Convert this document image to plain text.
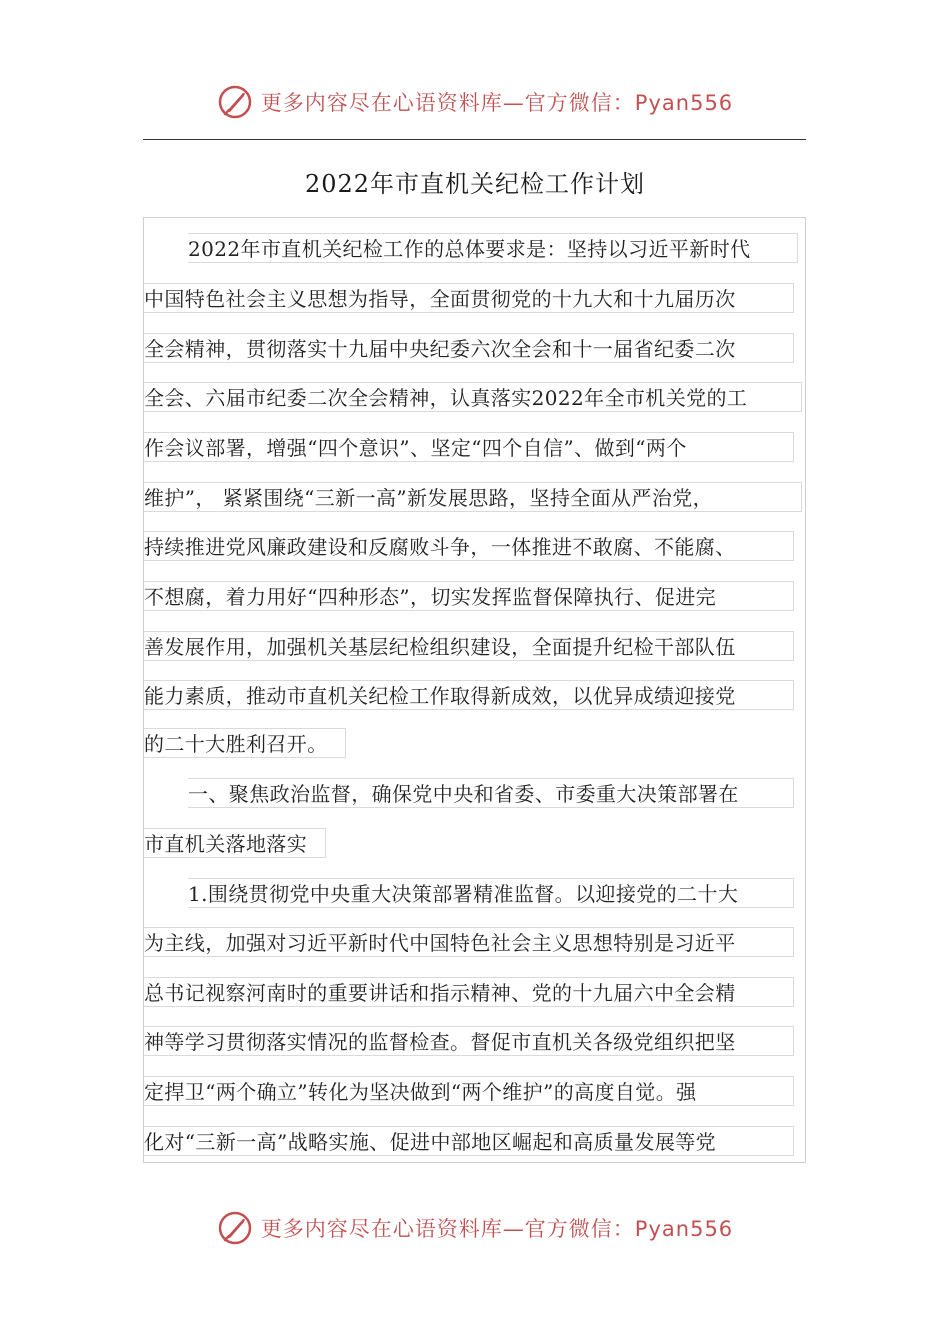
更多内容尽在心语资料库—官方微信：Pyan556
2022年市直机关纪检工作计划
2022年市直机关纪检工作的总体要求是：坚持以习近平新时代
中国特色社会主义思想为指导，全面贯彻党的十九大和十九届历次
全会精神，贯彻落实十九届中央纪委六次全会和十一届省纪委二次
全会、六届市纪委二次全会精神，认真落实2022年全市机关党的工
作会议部署，增强“四个意识”、坚定“四个自信”、做到“两个
维护”， 紧紧围绕“三新一高”新发展思路，坚持全面从严治党，
持续推进党风廉政建设和反腐败斗争，一体推进不敢腐、不能腐、
不想腐，着力用好“四种形态”，切实发挥监督保障执行、促进完
善发展作用，加强机关基层纪检组织建设，全面提升纪检干部队伍
能力素质，推动市直机关纪检工作取得新成效，以优异成绩迎接党
的二十大胜利召开。
一、聚焦政治监督，确保党中央和省委、市委重大决策部署在
市直机关落地落实
1.围绕贯彻党中央重大决策部署精准监督。以迎接党的二十大
为主线，加强对习近平新时代中国特色社会主义思想特别是习近平
总书记视察河南时的重要讲话和指示精神、党的十九届六中全会精
神等学习贯彻落实情况的监督检查。督促市直机关各级党组织把坚
定捍卫“两个确立”转化为坚决做到“两个维护”的高度自觉。强
化对“三新一高”战略实施、促进中部地区崛起和高质量发展等党
更多内容尽在心语资料库—官方微信：Pyan556
